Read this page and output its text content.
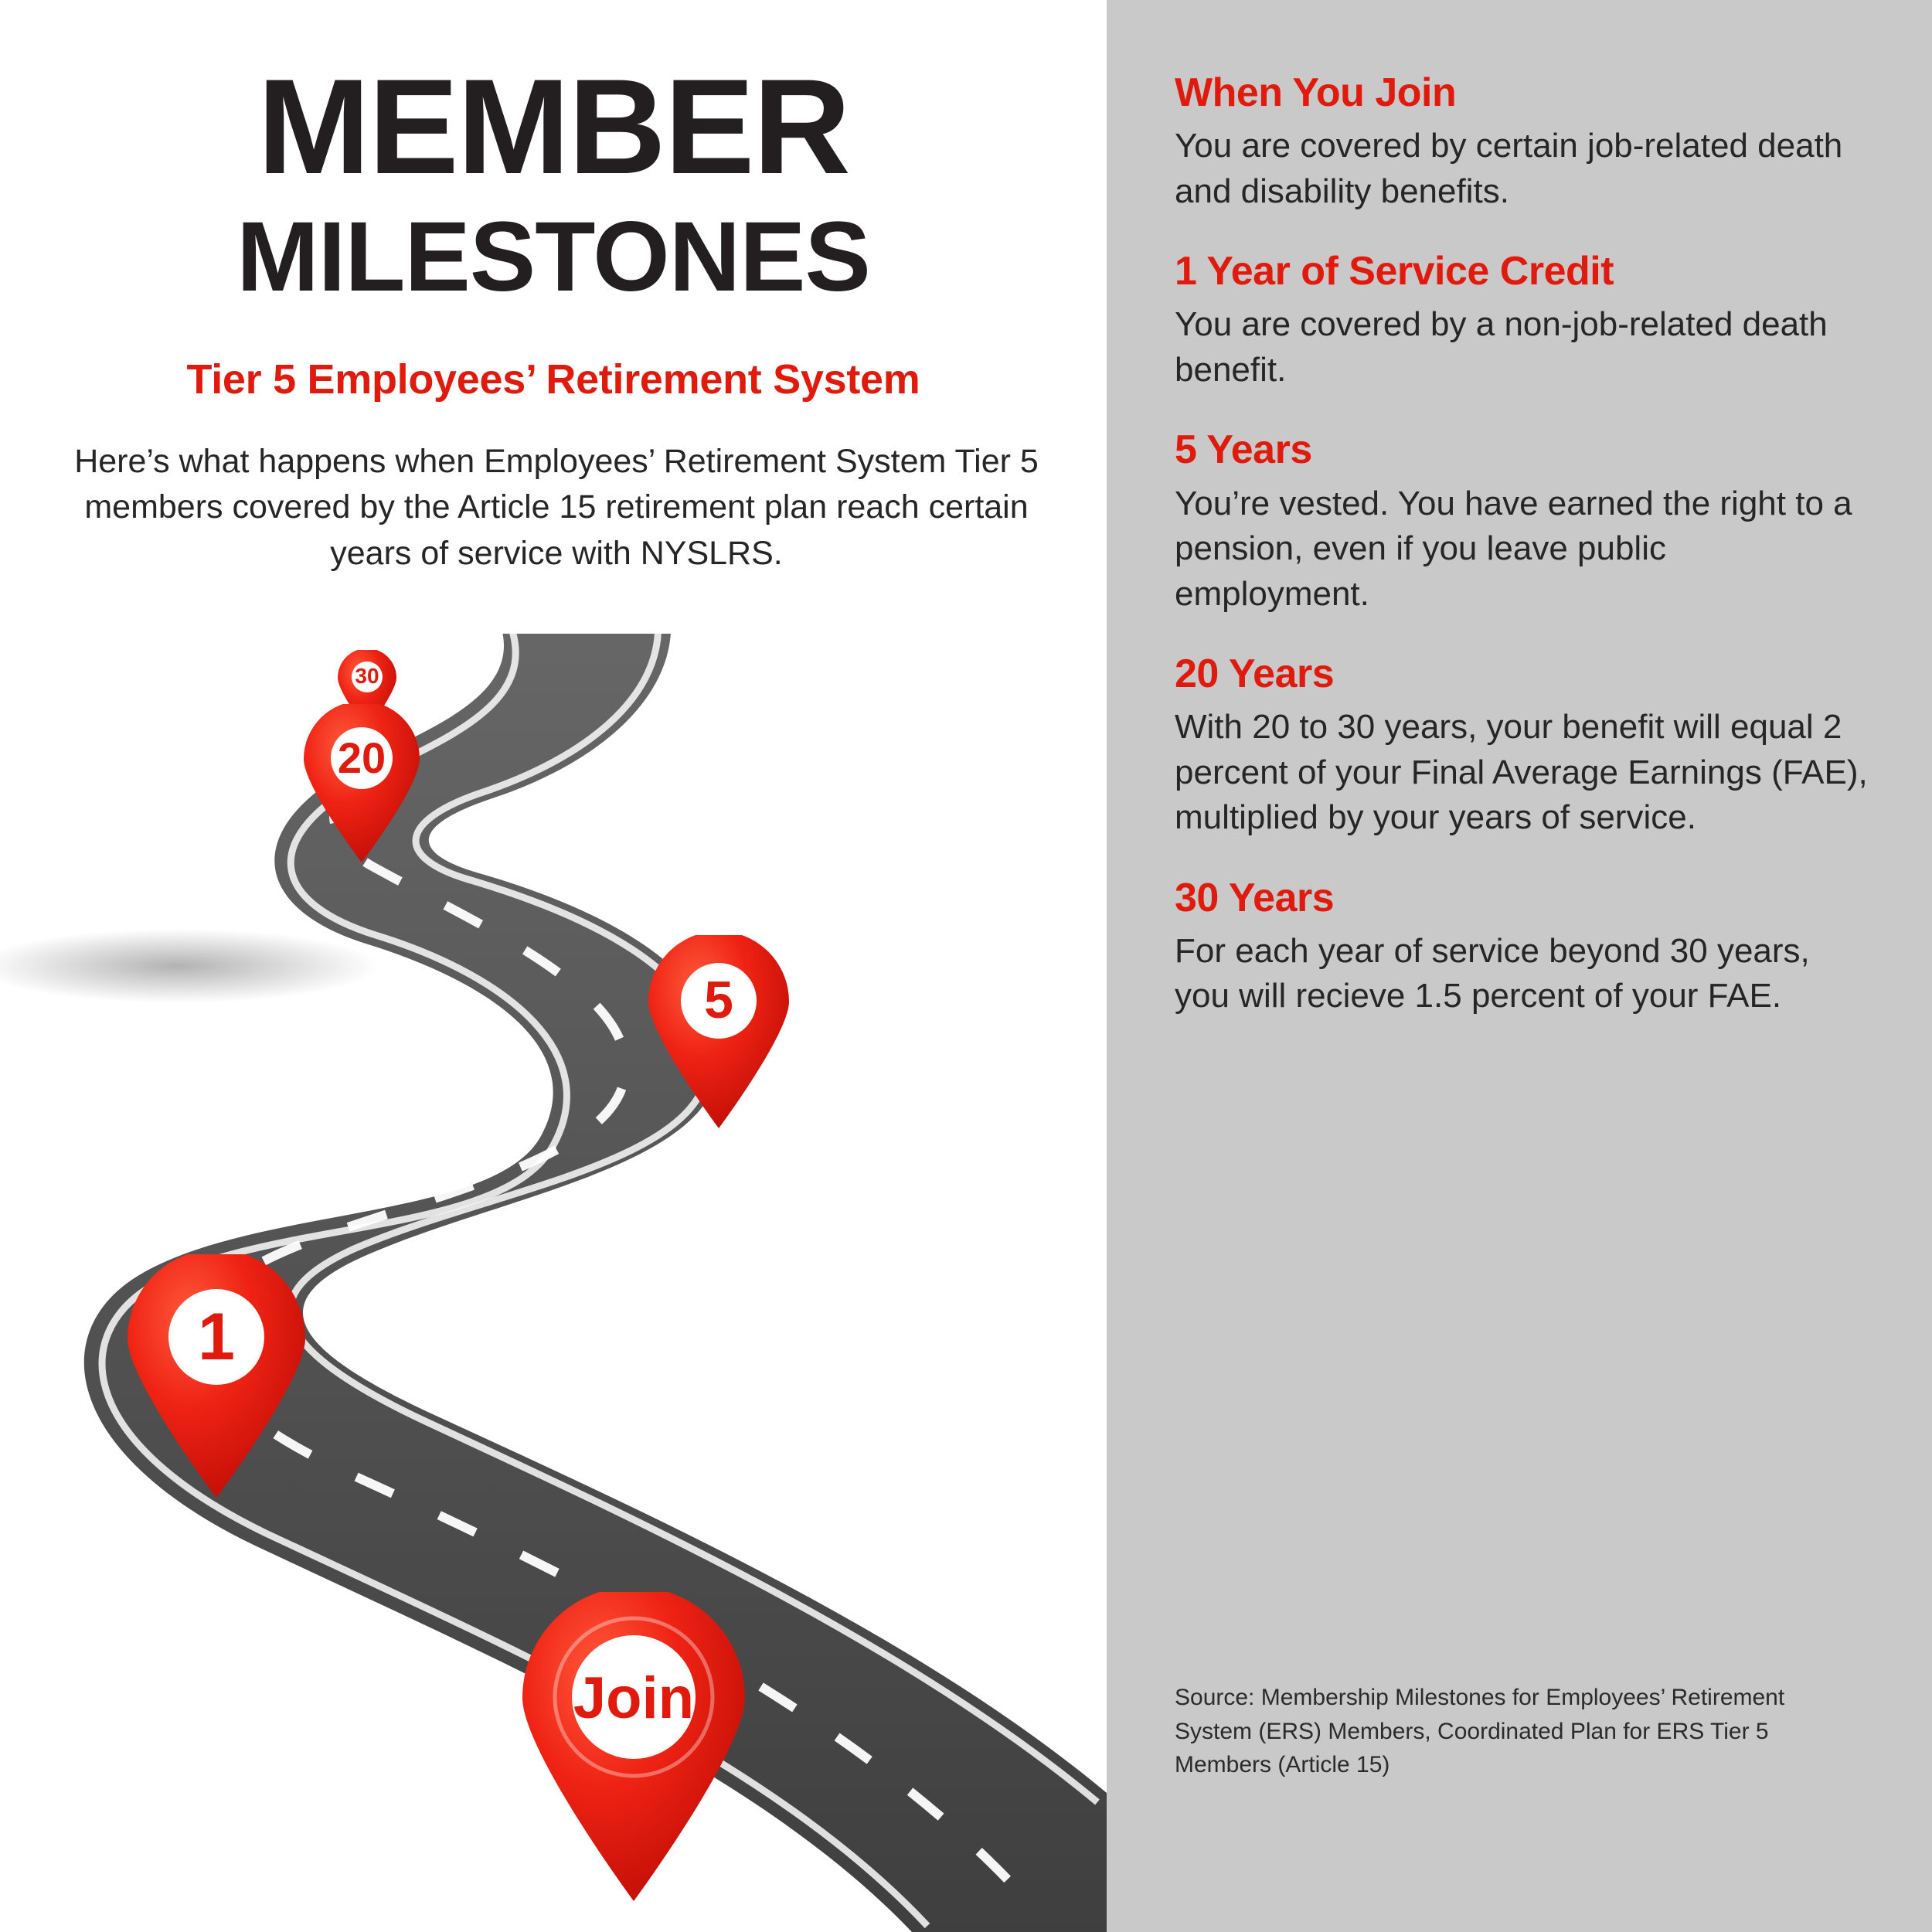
MEMBER
MILESTONES
Tier 5 Employees’ Retirement System
Here’s what happens when Employees’ Retirement System Tier 5 members covered by the Article 15 retirement plan reach certain years of service with NYSLRS.
30
20
5
1
Join
When You Join

You are covered by certain job-related death and disability benefits.

1 Year of Service Credit

You are covered by a non-job-related death benefit.

5 Years

You’re vested. You have earned the right to a pension, even if you leave public employment.

20 Years

With 20 to 30 years, your benefit will equal 2 percent of your Final Average Earnings (FAE), multiplied by your years of service.

30 Years

For each year of service beyond 30 years, you will recieve 1.5 percent of your FAE.

Source: Membership Milestones for Employees’ Retirement System (ERS) Members, Coordinated Plan for ERS Tier 5 Members (Article 15)
